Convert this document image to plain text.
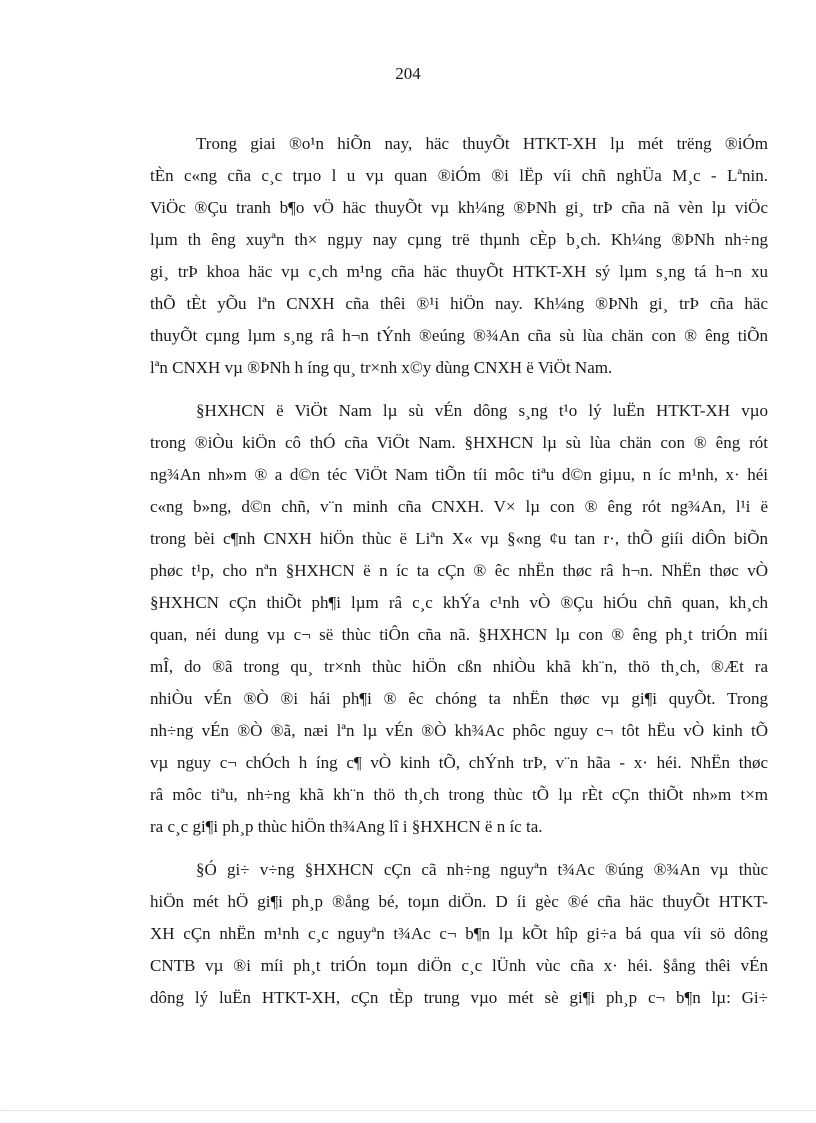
204

Trong giai ®o¹n hiÕn nay, häc thuyÕt HTKT-XH lµ mét trëng ®iÓm
tÈn c«ng cña c¸c trµo l u vµ quan ®iÓm ®i lËp víi chñ nghÜa M¸c - Lªnin.
ViÖc ®Çu tranh b¶o vÖ häc thuyÕt vµ kh¼ng ®ÞNh gi¸ trÞ cña nã vèn lµ viÖc
lµm th êng xuyªn th× ngµy nay cµng trë thµnh cÈp b¸ch. Kh¼ng ®ÞNh nh÷ng
gi¸ trÞ khoa häc vµ c¸ch m¹ng cña häc thuyÕt HTKT-XH sý lµm s¸ng tá h¬n xu
thÕ tÈt yÕu lªn CNXH cña thêi ®¹i hiÖn nay. Kh¼ng ®ÞNh gi¸ trÞ cña häc
thuyÕt cµng lµm s¸ng râ h¬n tÝnh ®eúng ®¾An cña sù lùa chän con ® êng tiÕn
lªn CNXH vµ ®ÞNh h íng qu¸ tr×nh x©y dùng CNXH ë ViÖt Nam.

§HXHCN ë ViÖt Nam lµ sù vÉn dông s¸ng t¹o lý luËn HTKT-XH vµo
trong ®iÒu kiÖn cô thÓ cña ViÖt Nam. §HXHCN lµ sù lùa chän con ® êng rót
ng¾An nh»m ® a d©n téc ViÖt Nam tiÕn tíi môc tiªu d©n giµu, n íc m¹nh, x· héi
c«ng b»ng, d©n chñ, v¨n minh cña CNXH. V× lµ con ® êng rót ng¾An, l¹i ë
trong bèi c¶nh CNXH hiÖn thùc ë Liªn X« vµ §«ng ¢u tan r·, thÕ giíi diÔn biÕn
phøc t¹p, cho nªn §HXHCN ë n íc ta cÇn ® êc nhËn thøc râ h¬n. NhËn thøc vÒ
§HXHCN cÇn thiÕt ph¶i lµm râ c¸c khÝa c¹nh vÒ ®Çu hiÓu chñ quan, kh¸ch
quan, néi dung vµ c¬ së thùc tiÔn cña nã. §HXHCN lµ con ® êng ph¸t triÓn míi
mÎ, do ®ã trong qu¸ tr×nh thùc hiÖn cßn nhiÒu khã kh¨n, thö th¸ch, ®Æt ra
nhiÒu vÉn ®Ò ®i hái ph¶i ® êc chóng ta nhËn thøc vµ gi¶i quyÕt. Trong
nh÷ng vÉn ®Ò ®ã, næi lªn lµ vÉn ®Ò kh¾Ac phôc nguy c¬ tôt hËu vÒ kinh tÕ
vµ nguy c¬ chÓch h íng c¶ vÒ kinh tÕ, chÝnh trÞ, v¨n hãa - x· héi. NhËn thøc
râ môc tiªu, nh÷ng khã kh¨n thö th¸ch trong thùc tÕ lµ rÈt cÇn thiÕt nh»m t×m
ra c¸c gi¶i ph¸p thùc hiÖn th¾Ang lî i §HXHCN ë n íc ta.

§Ó gi÷ v÷ng §HXHCN cÇn cã nh÷ng nguyªn t¾Ac ®úng ®¾An vµ thùc
hiÖn mét hÖ gi¶i ph¸p ®ång bé, toµn diÖn. D íi gèc ®é cña häc thuyÕt HTKT-
XH cÇn nhËn m¹nh c¸c nguyªn t¾Ac c¬ b¶n lµ kÕt hîp gi÷a bá qua víi sö dông
CNTB vµ ®i míi ph¸t triÓn toµn diÖn c¸c lÜnh vùc cña x· héi. §ång thêi vÉn
dông lý luËn HTKT-XH, cÇn tÈp trung vµo mét sè gi¶i ph¸p c¬ b¶n lµ: Gi÷
